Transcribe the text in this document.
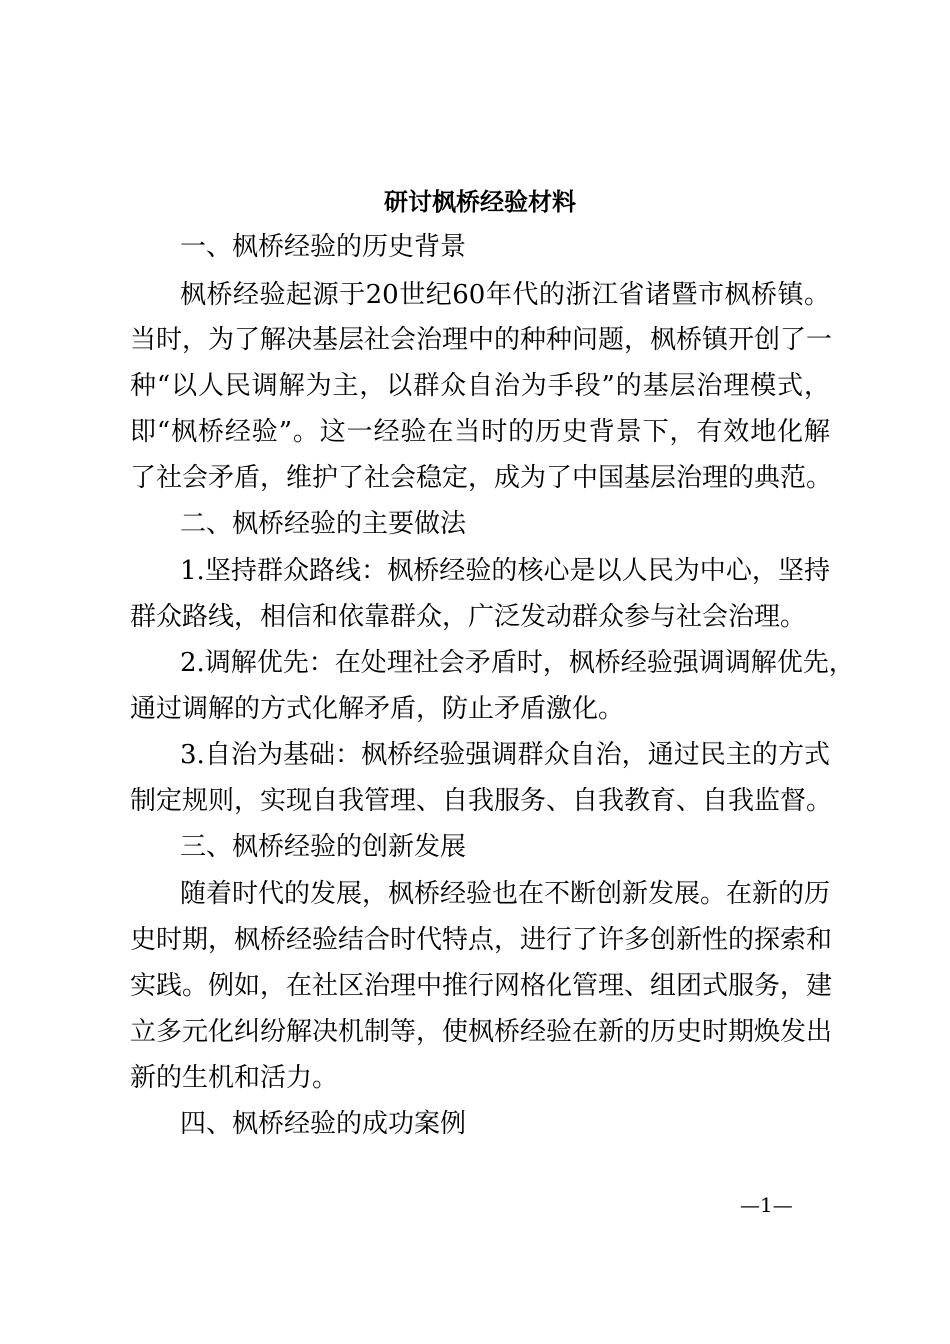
研讨枫桥经验材料
一、枫桥经验的历史背景
枫桥经验起源于20世纪60年代的浙江省诸暨市枫桥镇。
当时，为了解决基层社会治理中的种种问题，枫桥镇开创了一
种“以人民调解为主，以群众自治为手段”的基层治理模式，
即“枫桥经验”。这一经验在当时的历史背景下，有效地化解
了社会矛盾，维护了社会稳定，成为了中国基层治理的典范。
二、枫桥经验的主要做法
1.坚持群众路线：枫桥经验的核心是以人民为中心，坚持
群众路线，相信和依靠群众，广泛发动群众参与社会治理。
2.调解优先：在处理社会矛盾时，枫桥经验强调调解优先，
通过调解的方式化解矛盾，防止矛盾激化。
3.自治为基础：枫桥经验强调群众自治，通过民主的方式
制定规则，实现自我管理、自我服务、自我教育、自我监督。
三、枫桥经验的创新发展
随着时代的发展，枫桥经验也在不断创新发展。在新的历
史时期，枫桥经验结合时代特点，进行了许多创新性的探索和
实践。例如，在社区治理中推行网格化管理、组团式服务，建
立多元化纠纷解决机制等，使枫桥经验在新的历史时期焕发出
新的生机和活力。
四、枫桥经验的成功案例
—1—
